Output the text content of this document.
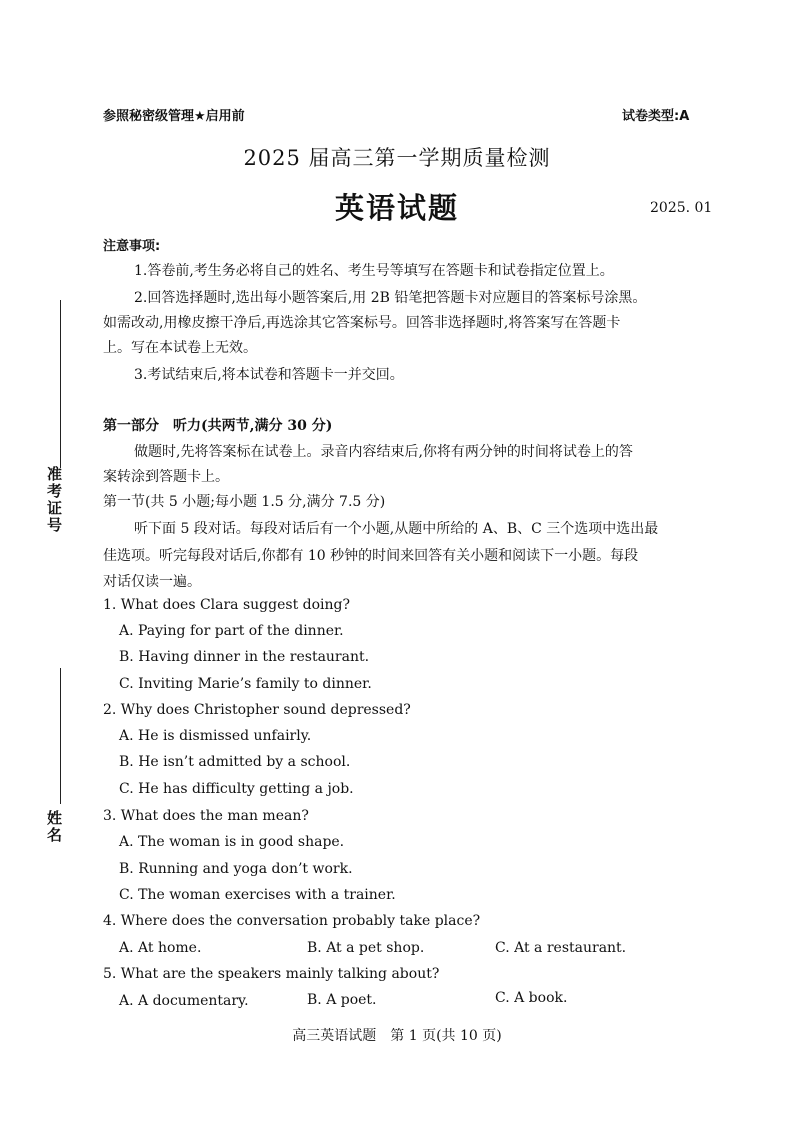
准考证号
姓名
参照秘密级管理★启用前	试卷类型:A
2025 届高三第一学期质量检测
英语试题	2025. 01
注意事项:
1.答卷前,考生务必将自己的姓名、考生号等填写在答题卡和试卷指定位置上。
2.回答选择题时,选出每小题答案后,用 2B 铅笔把答题卡对应题目的答案标号涂黑。
如需改动,用橡皮擦干净后,再选涂其它答案标号。回答非选择题时,将答案写在答题卡
上。写在本试卷上无效。
3.考试结束后,将本试卷和答题卡一并交回。
第一部分　听力(共两节,满分 30 分)
做题时,先将答案标在试卷上。录音内容结束后,你将有两分钟的时间将试卷上的答
案转涂到答题卡上。
第一节(共 5 小题;每小题 1.5 分,满分 7.5 分)
听下面 5 段对话。每段对话后有一个小题,从题中所给的 A、B、C 三个选项中选出最
佳选项。听完每段对话后,你都有 10 秒钟的时间来回答有关小题和阅读下一小题。每段
对话仅读一遍。
1. What does Clara suggest doing?
A. Paying for part of the dinner.
B. Having dinner in the restaurant.
C. Inviting Marie’s family to dinner.
2. Why does Christopher sound depressed?
A. He is dismissed unfairly.
B. He isn’t admitted by a school.
C. He has difficulty getting a job.
3. What does the man mean?
A. The woman is in good shape.
B. Running and yoga don’t work.
C. The woman exercises with a trainer.
4. Where does the conversation probably take place?
A. At home.	B. At a pet shop.	C. At a restaurant.
5. What are the speakers mainly talking about?
A. A documentary.	B. A poet.	C. A book.
高三英语试题　第 1 页(共 10 页)
